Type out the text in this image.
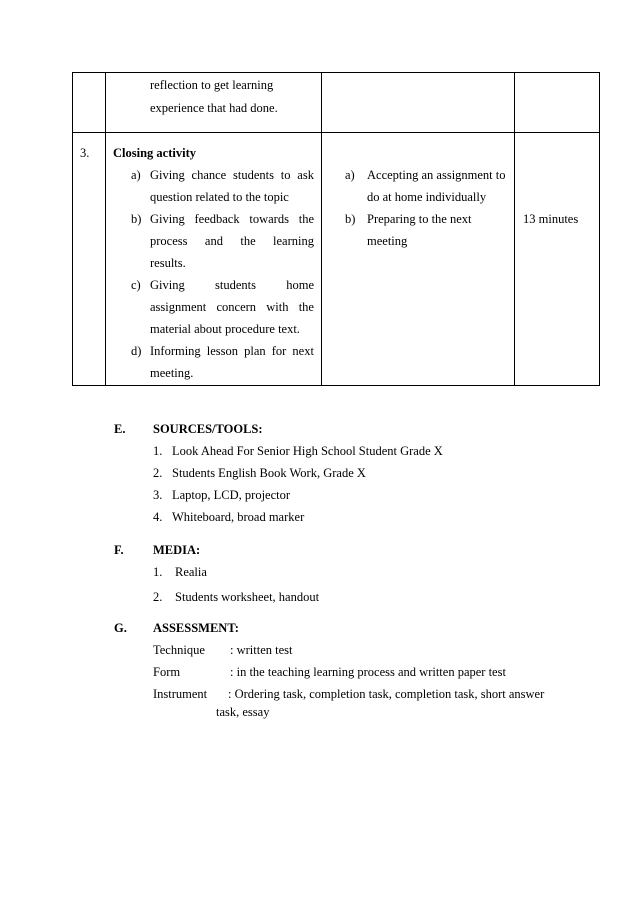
reflection to get learning
experience that had done.
3. Closing activity
a) Giving chance students to ask
question related to the topic
b) Giving feedback towards the
process and the learning
results.
c) Giving students home
assignment concern with the
material about procedure text.
d) Informing lesson plan for next
meeting.
a) Accepting an assignment to
do at home individually
b) Preparing to the next
meeting
13 minutes
E. SOURCES/TOOLS:
1. Look Ahead For Senior High School Student Grade X
2. Students English Book Work, Grade X
3. Laptop, LCD, projector
4. Whiteboard, broad marker
F. MEDIA:
1. Realia
2. Students worksheet, handout
G. ASSESSMENT:
Technique : written test
Form	: in the teaching learning process and written paper test
Instrument : Ordering task, completion task, completion task, short answer
task, essay
